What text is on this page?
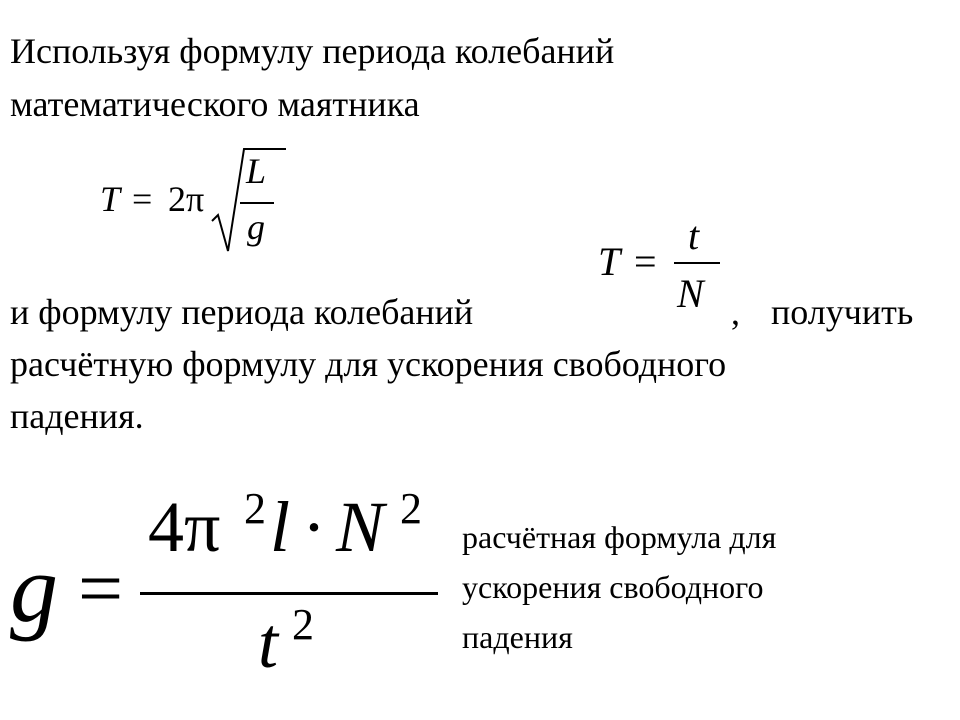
Используя формулу периода колебаний
математического маятника
T = 2π
L
g
T =
t
N
и формулу периода колебаний	, получить
расчётную формулу для ускорения свободного
падения.
g =
4π 2 l · N 2
t 2
расчётная формула для
ускорения свободного
падения
